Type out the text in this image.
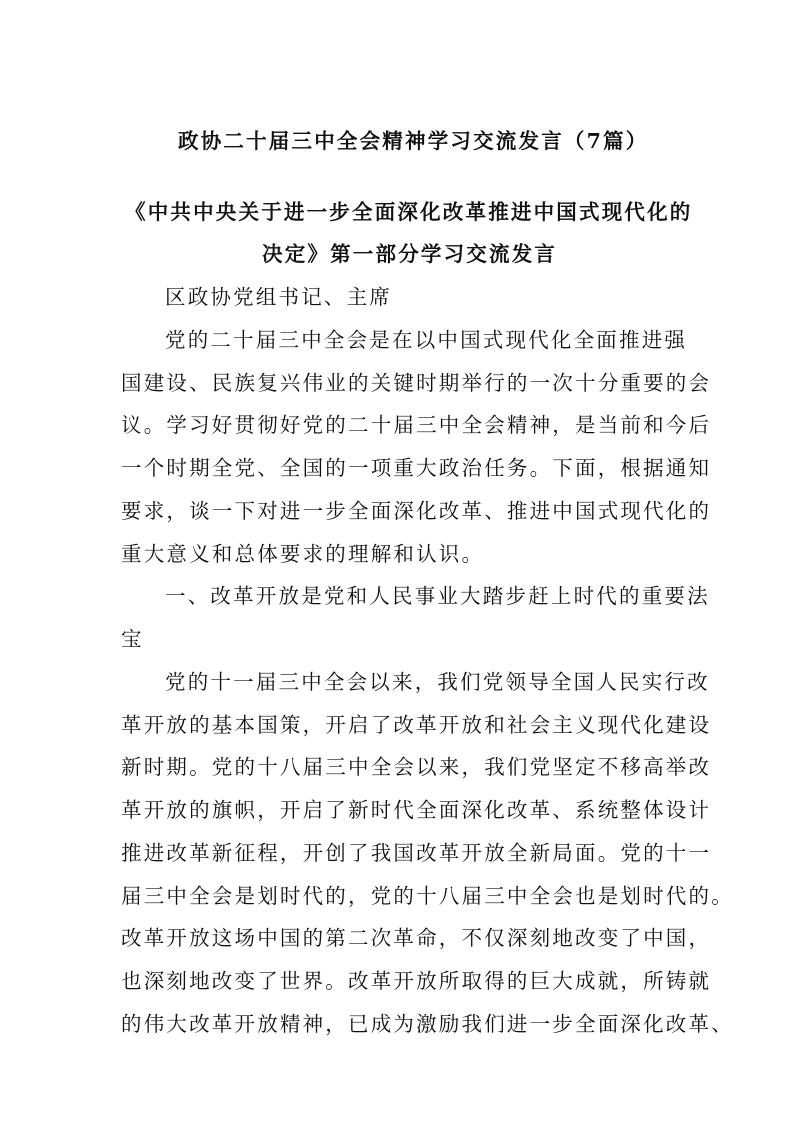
政协二十届三中全会精神学习交流发言（7篇）
《中共中央关于进一步全面深化改革推进中国式现代化的
决定》第一部分学习交流发言
区政协党组书记、主席
党的二十届三中全会是在以中国式现代化全面推进强
国建设、民族复兴伟业的关键时期举行的一次十分重要的会
议。学习好贯彻好党的二十届三中全会精神，是当前和今后
一个时期全党、全国的一项重大政治任务。下面，根据通知
要求，谈一下对进一步全面深化改革、推进中国式现代化的
重大意义和总体要求的理解和认识。
一、改革开放是党和人民事业大踏步赶上时代的重要法
宝
党的十一届三中全会以来，我们党领导全国人民实行改
革开放的基本国策，开启了改革开放和社会主义现代化建设
新时期。党的十八届三中全会以来，我们党坚定不移高举改
革开放的旗帜，开启了新时代全面深化改革、系统整体设计
推进改革新征程，开创了我国改革开放全新局面。党的十一
届三中全会是划时代的，党的十八届三中全会也是划时代的。
改革开放这场中国的第二次革命，不仅深刻地改变了中国，
也深刻地改变了世界。改革开放所取得的巨大成就，所铸就
的伟大改革开放精神，已成为激励我们进一步全面深化改革、
